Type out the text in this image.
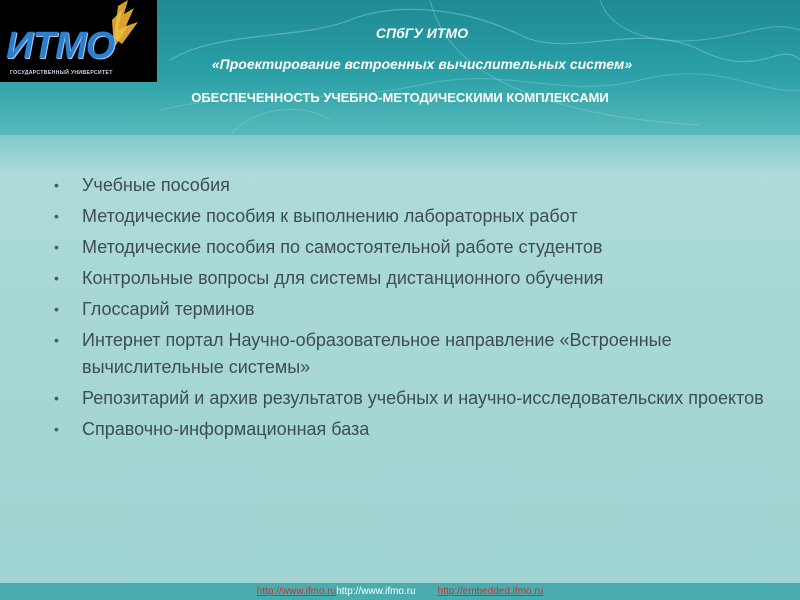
ИТМО
ГОСУДАРСТВЕННЫЙ УНИВЕРСИТЕТ
СПбГУ ИТМО
«Проектирование встроенных вычислительных систем»
ОБЕСПЕЧЕННОСТЬ УЧЕБНО-МЕТОДИЧЕСКИМИ КОМПЛЕКСАМИ
• Учебные пособия
• Методические пособия к выполнению лабораторных работ
• Методические пособия по самостоятельной работе студентов
• Контрольные вопросы для системы дистанционного обучения
• Глоссарий терминов
• Интернет портал Научно-образовательное направление «Встроенные вычислительные системы»
• Репозитарий и архив результатов учебных и научно-исследовательских проектов
• Справочно-информационная база
http://www.ifmo.ruhttp://www.ifmo.ru http://embedded.ifmo.ru
